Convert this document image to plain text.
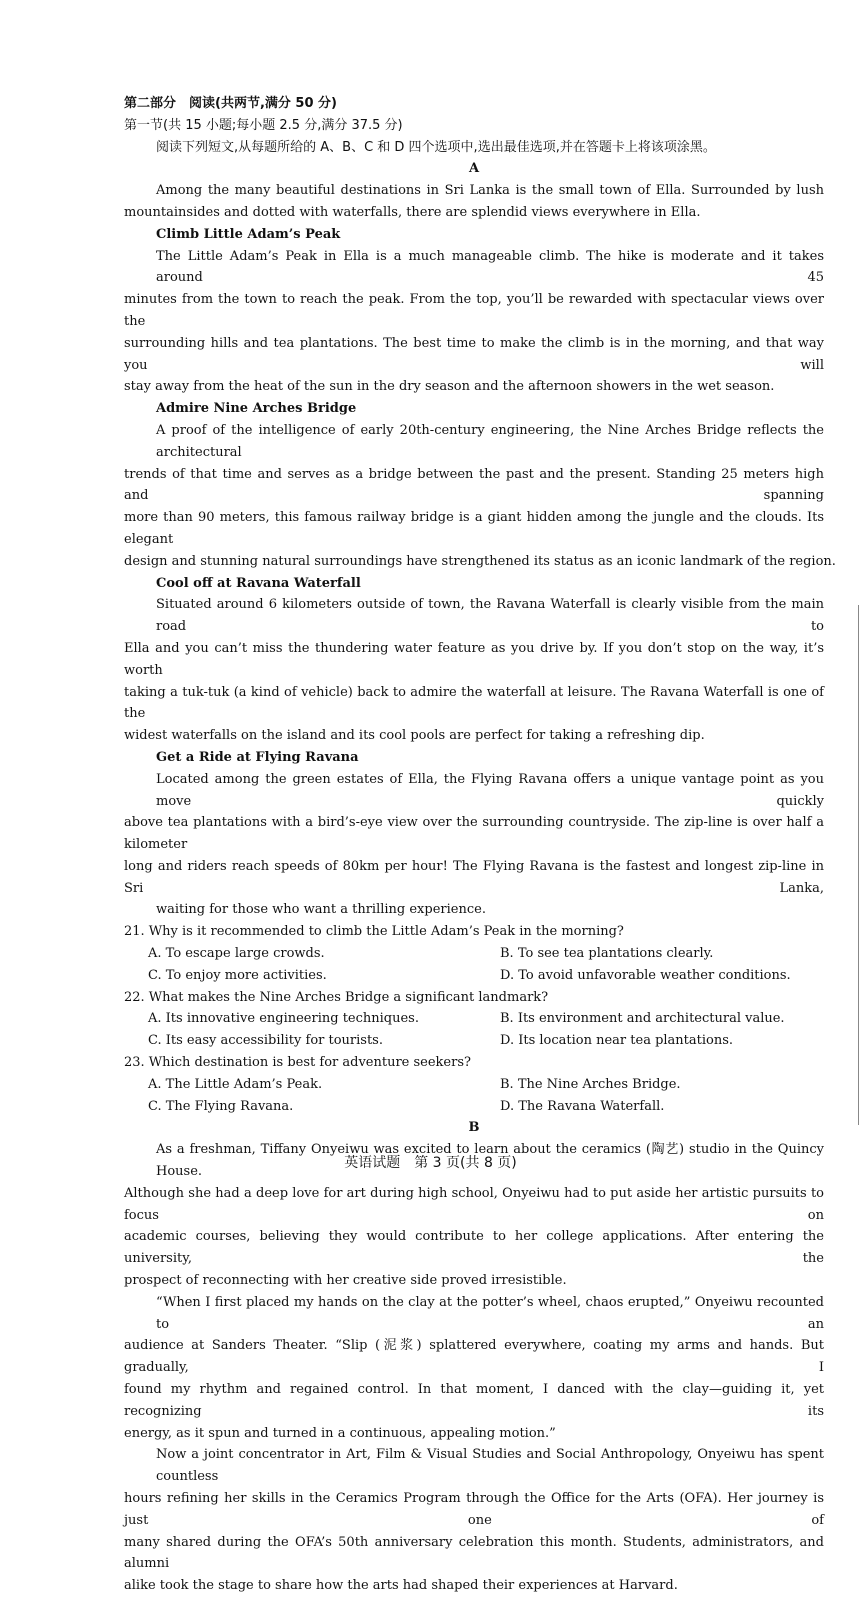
第二部分　阅读(共两节,满分 50 分)
第一节(共 15 小题;每小题 2.5 分,满分 37.5 分)
阅读下列短文,从每题所给的 A、B、C 和 D 四个选项中,选出最佳选项,并在答题卡上将该项涂黑。
A
Among the many beautiful destinations in Sri Lanka is the small town of Ella. Surrounded by lush
mountainsides and dotted with waterfalls, there are splendid views everywhere in Ella.
Climb Little Adam’s Peak
The Little Adam’s Peak in Ella is a much manageable climb. The hike is moderate and it takes around 45
minutes from the town to reach the peak. From the top, you’ll be rewarded with spectacular views over the
surrounding hills and tea plantations. The best time to make the climb is in the morning, and that way you will
stay away from the heat of the sun in the dry season and the afternoon showers in the wet season.
Admire Nine Arches Bridge
A proof of the intelligence of early 20th-century engineering, the Nine Arches Bridge reflects the architectural
trends of that time and serves as a bridge between the past and the present. Standing 25 meters high and spanning
more than 90 meters, this famous railway bridge is a giant hidden among the jungle and the clouds. Its elegant
design and stunning natural surroundings have strengthened its status as an iconic landmark of the region.
Cool off at Ravana Waterfall
Situated around 6 kilometers outside of town, the Ravana Waterfall is clearly visible from the main road to
Ella and you can’t miss the thundering water feature as you drive by. If you don’t stop on the way, it’s worth
taking a tuk-tuk (a kind of vehicle) back to admire the waterfall at leisure. The Ravana Waterfall is one of the
widest waterfalls on the island and its cool pools are perfect for taking a refreshing dip.
Get a Ride at Flying Ravana
Located among the green estates of Ella, the Flying Ravana offers a unique vantage point as you move quickly
above tea plantations with a bird’s-eye view over the surrounding countryside. The zip-line is over half a kilometer
long and riders reach speeds of 80km per hour! The Flying Ravana is the fastest and longest zip-line in Sri Lanka,
waiting for those who want a thrilling experience.
21. Why is it recommended to climb the Little Adam’s Peak in the morning?
A. To escape large crowds.	B. To see tea plantations clearly.
C. To enjoy more activities.	D. To avoid unfavorable weather conditions.
22. What makes the Nine Arches Bridge a significant landmark?
A. Its innovative engineering techniques.	B. Its environment and architectural value.
C. Its easy accessibility for tourists.	D. Its location near tea plantations.
23. Which destination is best for adventure seekers?
A. The Little Adam’s Peak.	B. The Nine Arches Bridge.
C. The Flying Ravana.	D. The Ravana Waterfall.
B
As a freshman, Tiffany Onyeiwu was excited to learn about the ceramics (陶艺) studio in the Quincy House.
Although she had a deep love for art during high school, Onyeiwu had to put aside her artistic pursuits to focus on
academic courses, believing they would contribute to her college applications. After entering the university, the
prospect of reconnecting with her creative side proved irresistible.
“When I first placed my hands on the clay at the potter’s wheel, chaos erupted,” Onyeiwu recounted to an
audience at Sanders Theater. “Slip (泥浆) splattered everywhere, coating my arms and hands. But gradually, I
found my rhythm and regained control. In that moment, I danced with the clay—guiding it, yet recognizing its
energy, as it spun and turned in a continuous, appealing motion.”
Now a joint concentrator in Art, Film & Visual Studies and Social Anthropology, Onyeiwu has spent countless
hours refining her skills in the Ceramics Program through the Office for the Arts (OFA). Her journey is just one of
many shared during the OFA’s 50th anniversary celebration this month. Students, administrators, and alumni
alike took the stage to share how the arts had shaped their experiences at Harvard.
英语试题　第 3 页(共 8 页)
